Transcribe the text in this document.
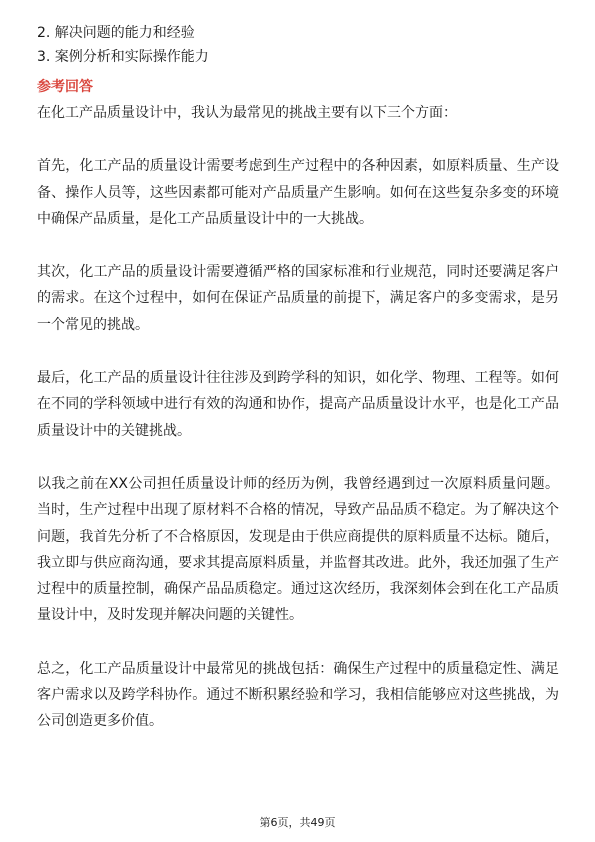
2. 解决问题的能力和经验
3. 案例分析和实际操作能力
参考回答

在化工产品质量设计中，我认为最常见的挑战主要有以下三个方面：

首先，化工产品的质量设计需要考虑到生产过程中的各种因素，如原料质量、生产设备、操作人员等，这些因素都可能对产品质量产生影响。如何在这些复杂多变的环境中确保产品质量，是化工产品质量设计中的一大挑战。

其次，化工产品的质量设计需要遵循严格的国家标准和行业规范，同时还要满足客户的需求。在这个过程中，如何在保证产品质量的前提下，满足客户的多变需求，是另一个常见的挑战。

最后，化工产品的质量设计往往涉及到跨学科的知识，如化学、物理、工程等。如何在不同的学科领域中进行有效的沟通和协作，提高产品质量设计水平，也是化工产品质量设计中的关键挑战。

以我之前在XX公司担任质量设计师的经历为例，我曾经遇到过一次原料质量问题。当时，生产过程中出现了原材料不合格的情况，导致产品品质不稳定。为了解决这个问题，我首先分析了不合格原因，发现是由于供应商提供的原料质量不达标。随后，我立即与供应商沟通，要求其提高原料质量，并监督其改进。此外，我还加强了生产过程中的质量控制，确保产品品质稳定。通过这次经历，我深刻体会到在化工产品质量设计中，及时发现并解决问题的关键性。

总之，化工产品质量设计中最常见的挑战包括：确保生产过程中的质量稳定性、满足客户需求以及跨学科协作。通过不断积累经验和学习，我相信能够应对这些挑战，为公司创造更多价值。

第6页，共49页
